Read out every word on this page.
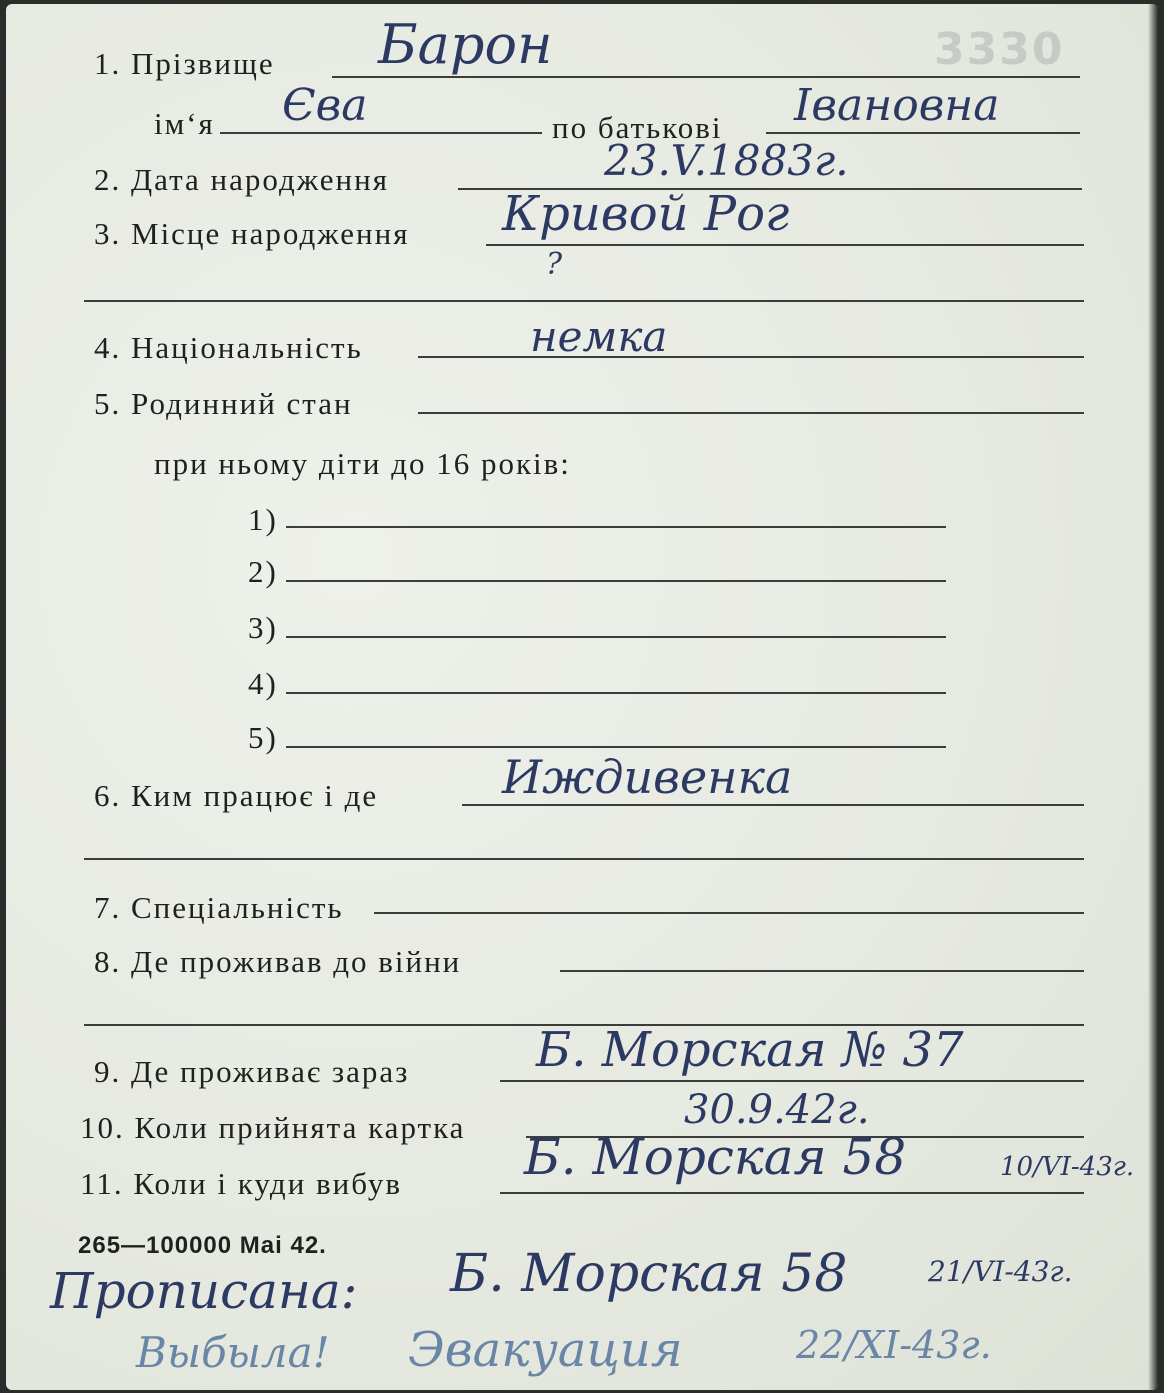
3330
1. Прізвище Барон
ім‘я Єва	по батькові Івановна
2. Дата народження	23.V.1883г.
3. Місце народження Кривой Рог
?
4. Національність	немка
5. Родинний стан
при ньому діти до 16 років:
1)
2)
3)
4)
5)
6. Ким працює і де	Иждивенка
7. Спеціальність
8. Де проживав до війни
9. Де проживає зараз	Б. Морская № 37
10. Коли прийнята картка	30.9.42г.
11. Коли і куди вибув Б. Морская 58	10/VI-43г.
265—100000 Mai 42.
Прописана: Б. Морская 58	21/VI-43г.
Выбыла! Эвакуация	22/XI-43г.
